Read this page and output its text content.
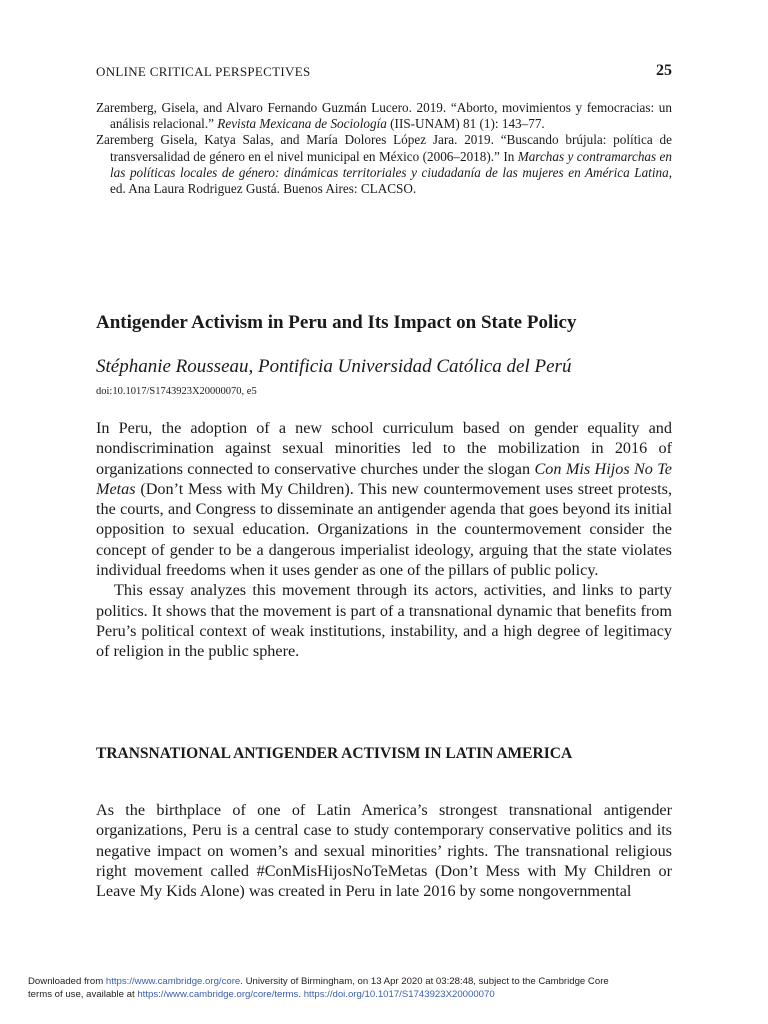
ONLINE CRITICAL PERSPECTIVES	25
Zaremberg, Gisela, and Alvaro Fernando Guzmán Lucero. 2019. “Aborto, movimientos y femocracias: un análisis relacional.” Revista Mexicana de Sociología (IIS-UNAM) 81 (1): 143–77.
Zaremberg Gisela, Katya Salas, and María Dolores López Jara. 2019. “Buscando brújula: política de transversalidad de género en el nivel municipal en México (2006–2018).” In Marchas y contramarchas en las políticas locales de género: dinámicas territoriales y ciudadanía de las mujeres en América Latina, ed. Ana Laura Rodriguez Gustá. Buenos Aires: CLACSO.
Antigender Activism in Peru and Its Impact on State Policy
Stéphanie Rousseau, Pontificia Universidad Católica del Perú
doi:10.1017/S1743923X20000070, e5

In Peru, the adoption of a new school curriculum based on gender equality and nondiscrimination against sexual minorities led to the mobilization in 2016 of organizations connected to conservative churches under the slogan Con Mis Hijos No Te Metas (Don’t Mess with My Children). This new countermovement uses street protests, the courts, and Congress to disseminate an antigender agenda that goes beyond its initial opposition to sexual education. Organizations in the countermovement consider the concept of gender to be a dangerous imperialist ideology, arguing that the state violates individual freedoms when it uses gender as one of the pillars of public policy.

This essay analyzes this movement through its actors, activities, and links to party politics. It shows that the movement is part of a transnational dynamic that benefits from Peru’s political context of weak institutions, instability, and a high degree of legitimacy of religion in the public sphere.

TRANSNATIONAL ANTIGENDER ACTIVISM IN LATIN AMERICA

As the birthplace of one of Latin America’s strongest transnational antigender organizations, Peru is a central case to study contemporary conservative politics and its negative impact on women’s and sexual minorities’ rights. The transnational religious right movement called #ConMisHijosNoTeMetas (Don’t Mess with My Children or Leave My Kids Alone) was created in Peru in late 2016 by some nongovernmental

Downloaded from https://www.cambridge.org/core. University of Birmingham, on 13 Apr 2020 at 03:28:48, subject to the Cambridge Core
terms of use, available at https://www.cambridge.org/core/terms. https://doi.org/10.1017/S1743923X20000070
